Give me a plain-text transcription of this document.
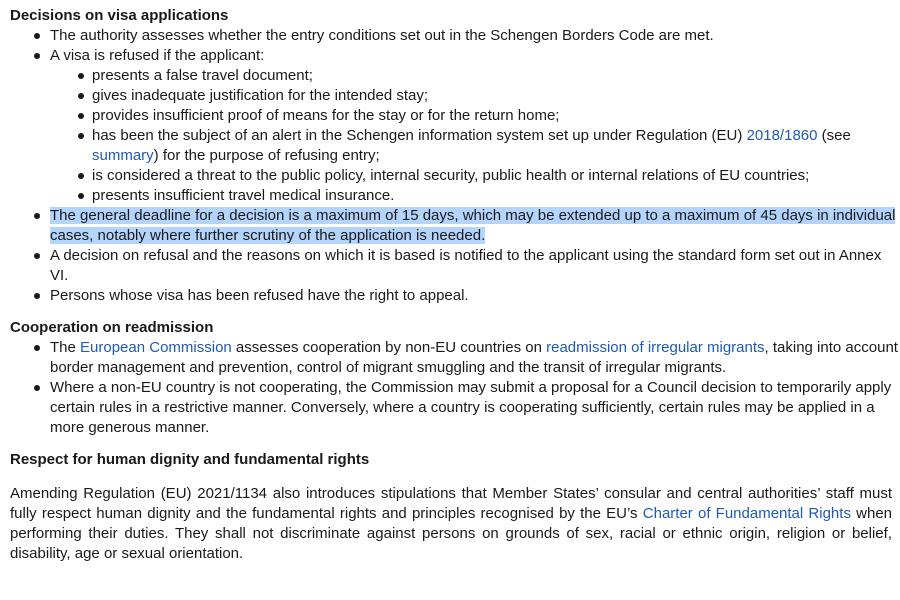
Decisions on visa applications
The authority assesses whether the entry conditions set out in the Schengen Borders Code are met.
A visa is refused if the applicant:
presents a false travel document;
gives inadequate justification for the intended stay;
provides insufficient proof of means for the stay or for the return home;
has been the subject of an alert in the Schengen information system set up under Regulation (EU) 2018/1860 (see summary) for the purpose of refusing entry;
is considered a threat to the public policy, internal security, public health or internal relations of EU countries;
presents insufficient travel medical insurance.
The general deadline for a decision is a maximum of 15 days, which may be extended up to a maximum of 45 days in individual cases, notably where further scrutiny of the application is needed.
A decision on refusal and the reasons on which it is based is notified to the applicant using the standard form set out in Annex VI.
Persons whose visa has been refused have the right to appeal.
Cooperation on readmission
The European Commission assesses cooperation by non-EU countries on readmission of irregular migrants, taking into account border management and prevention, control of migrant smuggling and the transit of irregular migrants.
Where a non-EU country is not cooperating, the Commission may submit a proposal for a Council decision to temporarily apply certain rules in a restrictive manner. Conversely, where a country is cooperating sufficiently, certain rules may be applied in a more generous manner.
Respect for human dignity and fundamental rights

Amending Regulation (EU) 2021/1134 also introduces stipulations that Member States’ consular and central authorities’ staff must fully respect human dignity and the fundamental rights and principles recognised by the EU’s Charter of Fundamental Rights when performing their duties. They shall not discriminate against persons on grounds of sex, racial or ethnic origin, religion or belief, disability, age or sexual orientation.
